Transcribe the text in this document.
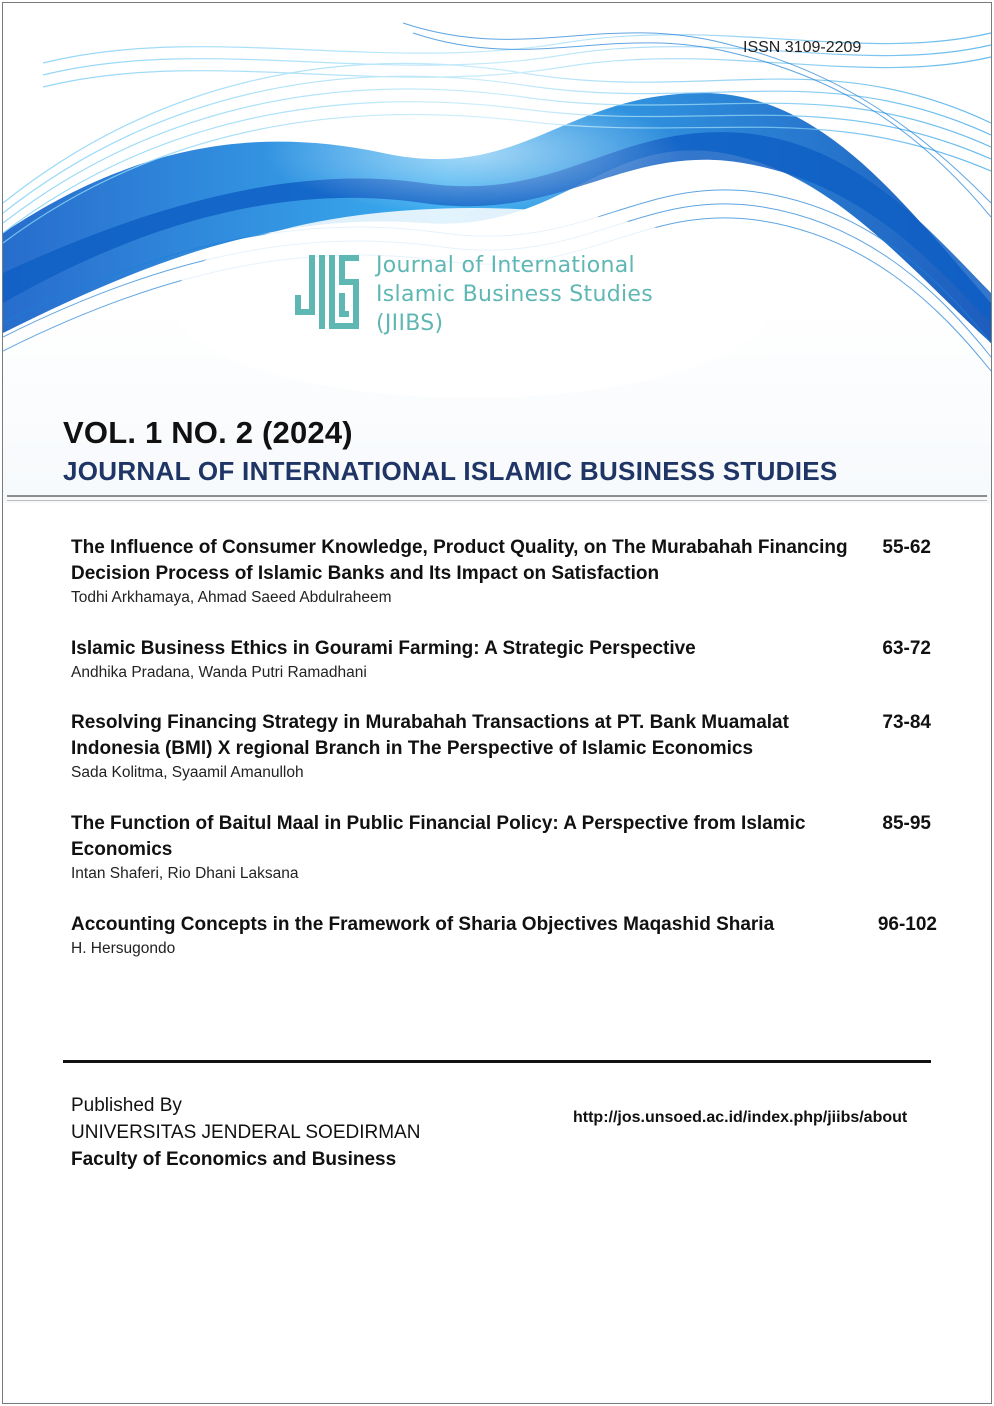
ISSN 3109-2209
Journal of International
Islamic Business Studies
(JIIBS)
VOL. 1 NO. 2 (2024)
JOURNAL OF INTERNATIONAL ISLAMIC BUSINESS STUDIES
The Influence of Consumer Knowledge, Product Quality, on The Murabahah Financing Decision Process of Islamic Banks and Its Impact on Satisfaction
Todhi Arkhamaya, Ahmad Saeed Abdulraheem
55-62
Islamic Business Ethics in Gourami Farming: A Strategic Perspective
Andhika Pradana, Wanda Putri Ramadhani
63-72
Resolving Financing Strategy in Murabahah Transactions at PT. Bank Muamalat Indonesia (BMI) X regional Branch in The Perspective of Islamic Economics
Sada Kolitma, Syaamil Amanulloh
73-84
The Function of Baitul Maal in Public Financial Policy: A Perspective from Islamic Economics
Intan Shaferi, Rio Dhani Laksana
85-95
Accounting Concepts in the Framework of Sharia Objectives Maqashid Sharia
H. Hersugondo
96-102
Published By
UNIVERSITAS JENDERAL SOEDIRMAN
Faculty of Economics and Business
http://jos.unsoed.ac.id/index.php/jiibs/about
